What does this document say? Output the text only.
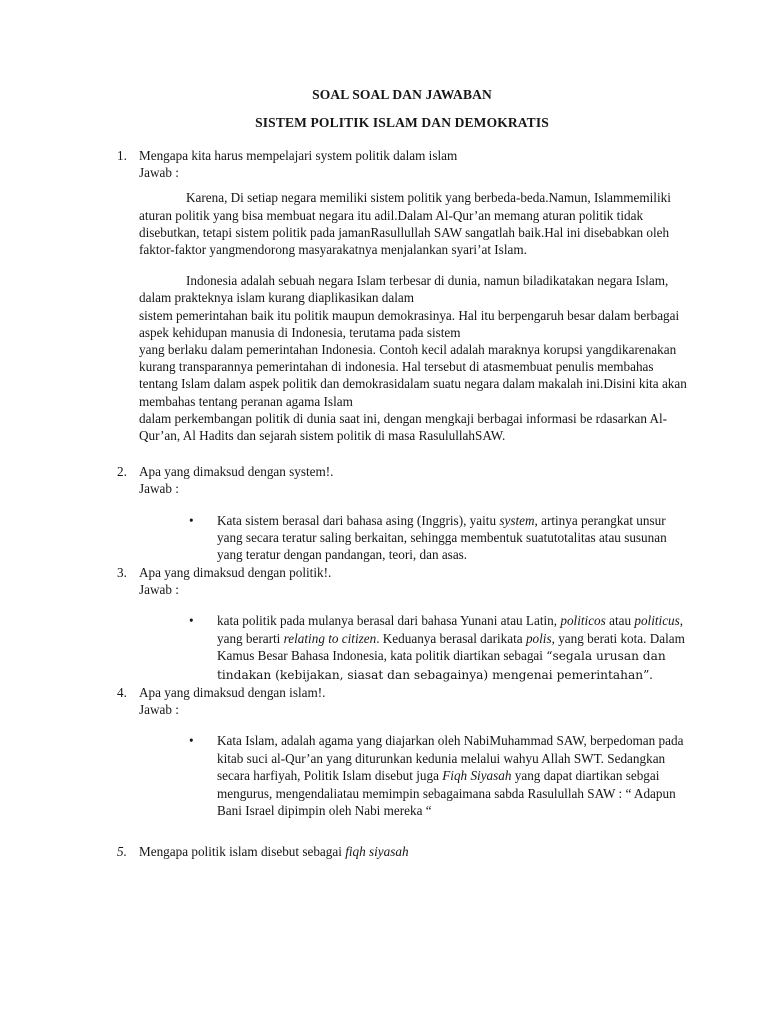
SOAL SOAL DAN JAWABAN
SISTEM POLITIK ISLAM DAN DEMOKRATIS
1. Mengapa kita harus mempelajari system politik dalam islam
Jawab :
Karena, Di setiap negara memiliki sistem politik yang berbeda-beda.Namun, Islammemiliki aturan politik yang bisa membuat negara itu adil.Dalam Al-Qur’an memang aturan politik tidak disebutkan, tetapi sistem politik pada jamanRasullullah SAW sangatlah baik.Hal ini disebabkan oleh faktor-faktor yangmendorong masyarakatnya menjalankan syari’at Islam.
Indonesia adalah sebuah negara Islam terbesar di dunia, namun biladikatakan negara Islam, dalam prakteknya islam kurang diaplikasikan dalam
sistem pemerintahan baik itu politik maupun demokrasinya. Hal itu berpengaruh besar dalam berbagai aspek kehidupan manusia di Indonesia, terutama pada sistem
yang berlaku dalam pemerintahan Indonesia. Contoh kecil adalah maraknya korupsi yangdikarenakan kurang transparannya pemerintahan di indonesia. Hal tersebut di atasmembuat penulis membahas tentang Islam dalam aspek politik dan demokrasidalam suatu negara dalam makalah ini.Disini kita akan membahas tentang peranan agama Islam
dalam perkembangan politik di dunia saat ini, dengan mengkaji berbagai informasi be rdasarkan Al-Qur’an, Al Hadits dan sejarah sistem politik di masa RasulullahSAW.
2. Apa yang dimaksud dengan system!.
Jawab :
• Kata sistem berasal dari bahasa asing (Inggris), yaitu system, artinya perangkat unsur yang secara teratur saling berkaitan, sehingga membentuk suatutotalitas atau susunan yang teratur dengan pandangan, teori, dan asas.
3. Apa yang dimaksud dengan politik!.
Jawab :
• kata politik pada mulanya berasal dari bahasa Yunani atau Latin, politicos atau politicus, yang berarti relating to citizen. Keduanya berasal darikata polis, yang berati kota. Dalam Kamus Besar Bahasa Indonesia, kata politik diartikan sebagai “segala urusan dan tindakan (kebijakan, siasat dan sebagainya) mengenai pemerintahan”.
4. Apa yang dimaksud dengan islam!.
Jawab :
• Kata Islam, adalah agama yang diajarkan oleh NabiMuhammad SAW, berpedoman pada kitab suci al-Qur’an yang diturunkan kedunia melalui wahyu Allah SWT. Sedangkan secara harfiyah, Politik Islam disebut juga Fiqh Siyasah yang dapat diartikan sebgai mengurus, mengendaliatau memimpin sebagaimana sabda Rasulullah SAW : “ Adapun Bani Israel dipimpin oleh Nabi mereka “
5. Mengapa politik islam disebut sebagai fiqh siyasah
